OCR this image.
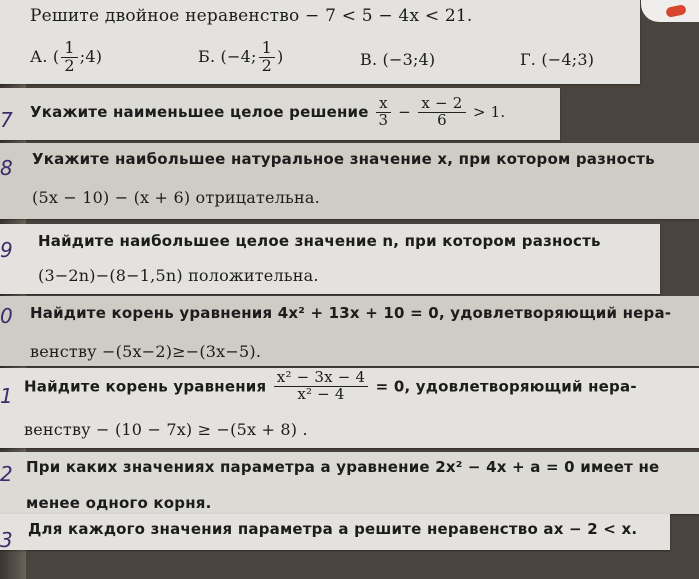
Решите двойное неравенство − 7 < 5 − 4x < 21.
А. ( $\frac{1}{2}$ ;4)	Б. (−4; $\frac{1}{2}$ )	В. (−3;4)	Г. (−4;3)
7 Укажите наименьшее целое решение $\frac{x}{3} - \frac{x - 2}{6} > 1$.
8 Укажите наибольшее натуральное значение x, при котором разность
(5x − 10) − (x + 6) отрицательна.
9 Найдите наибольшее целое значение n, при котором разность
(3−2n)−(8−1,5n) положительна.
0 Найдите корень уравнения 4x² + 13x + 10 = 0, удовлетворяющий нера-
венству −(5x−2)≥−(3x−5).
1 Найдите корень уравнения $\frac{\text{x² − 3x − 4}}{\text{x² − 4}} = 0$, удовлетворяющий нера-
венству − (10 − 7x) ≥ −(5x + 8) .
2 При каких значениях параметра a уравнение 2x² − 4x + a = 0 имеет не
менее одного корня.
3 Для каждого значения параметра a решите неравенство ax − 2 < x.
